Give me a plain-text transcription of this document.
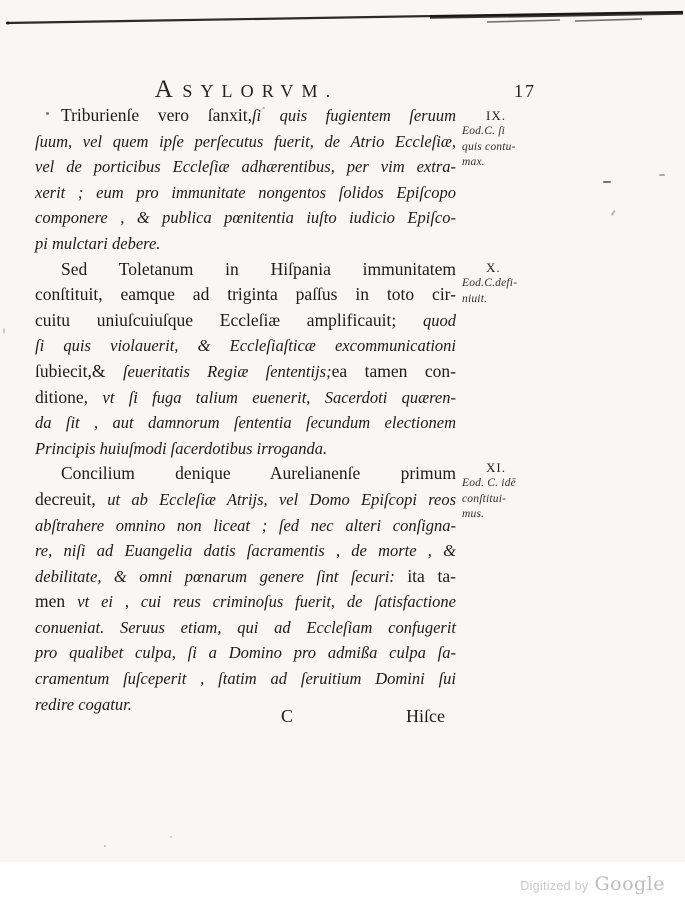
ASYLORVM.	17
Triburienſe vero ſanxit,ſi quis fugientem ſeruum
ſuum, vel quem ipſe perſecutus fuerit, de Atrio Eccleſiæ,
vel de porticibus Eccleſiæ adhærentibus, per vim extra-
xerit ; eum pro immunitate nongentos ſolidos Epiſcopo
componere , & publica pœnitentia iuſto iudicio Epiſco-
pi mulctari debere.
Sed Toletanum in Hiſpania immunitatem
conſtituit, eamque ad triginta paſſus in toto cir-
cuitu uniuſcuiuſque Eccleſiæ amplificauit; quod
ſi quis violauerit, & Eccleſiaſticæ excommunicationi
ſubiecit,& ſeueritatis Regiæ ſententijs;ea tamen con-
ditione, vt ſi fuga talium euenerit, Sacerdoti quæren-
da ſit , aut damnorum ſententia ſecundum electionem
Principis huiuſmodi ſacerdotibus irroganda.
Concilium denique Aurelianenſe primum
decreuit, ut ab Eccleſiæ Atrijs, vel Domo Epiſcopi reos
abſtrahere omnino non liceat ; ſed nec alteri conſigna-
re, niſi ad Euangelia datis ſacramentis , de morte , &
debilitate, & omni pœnarum genere ſint ſecuri: ita ta-
men vt ei , cui reus criminoſus fuerit, de ſatisfactione
conueniat. Seruus etiam, qui ad Eccleſiam confugerit
pro qualibet culpa, ſi a Domino pro admißa culpa ſa-
cramentum ſuſceperit , ſtatim ad ſeruitium Domini ſui
redire cogatur.
IX.
Eod.C. ſi
quis contu-
max.
X.
Eod.C.defi-
niuit.
XI.
Eod. C. idē
conſtitui-
mus.
C	Hiſce
Digitized by Google
